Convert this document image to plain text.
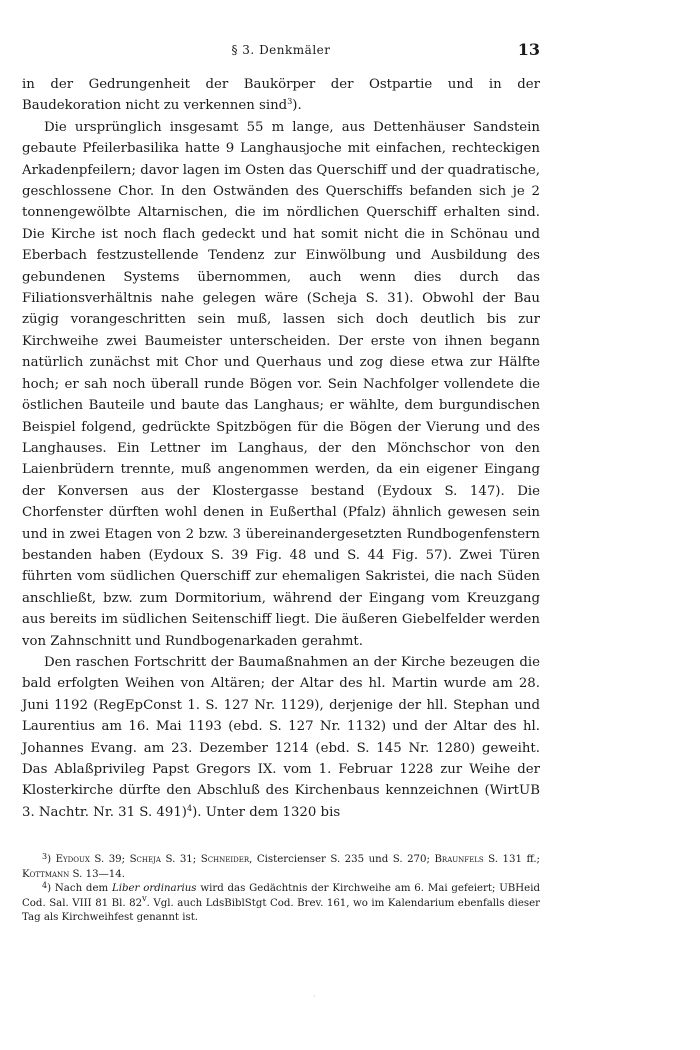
§ 3. Denkmäler	13

in der Gedrungenheit der Baukörper der Ostpartie und in der Baudekoration nicht zu verkennen sind$^3$).

Die ursprünglich insgesamt 55 m lange, aus Dettenhäuser Sandstein gebaute Pfeilerbasilika hatte 9 Langhausjoche mit einfachen, rechteckigen Arkadenpfeilern; davor lagen im Osten das Querschiff und der quadratische, geschlossene Chor. In den Ostwänden des Querschiffs befanden sich je 2 tonnengewölbte Altarnischen, die im nördlichen Querschiff erhalten sind. Die Kirche ist noch flach gedeckt und hat somit nicht die in Schönau und Eberbach festzustellende Tendenz zur Einwölbung und Ausbildung des gebundenen Systems übernommen, auch wenn dies durch das Filiationsverhältnis nahe gelegen wäre (Scheja S. 31). Obwohl der Bau zügig vorangeschritten sein muß, lassen sich doch deutlich bis zur Kirchweihe zwei Baumeister unterscheiden. Der erste von ihnen begann natürlich zunächst mit Chor und Querhaus und zog diese etwa zur Hälfte hoch; er sah noch überall runde Bögen vor. Sein Nachfolger vollendete die östlichen Bauteile und baute das Langhaus; er wählte, dem burgundischen Beispiel folgend, gedrückte Spitzbögen für die Bögen der Vierung und des Langhauses. Ein Lettner im Langhaus, der den Mönchschor von den Laienbrüdern trennte, muß angenommen werden, da ein eigener Eingang der Konversen aus der Klostergasse bestand (Eydoux S. 147). Die Chorfenster dürften wohl denen in Eußerthal (Pfalz) ähnlich gewesen sein und in zwei Etagen von 2 bzw. 3 übereinandergesetzten Rundbogenfenstern bestanden haben (Eydoux S. 39 Fig. 48 und S. 44 Fig. 57). Zwei Türen führten vom südlichen Querschiff zur ehemaligen Sakristei, die nach Süden anschließt, bzw. zum Dormitorium, während der Eingang vom Kreuzgang aus bereits im südlichen Seitenschiff liegt. Die äußeren Giebelfelder werden von Zahnschnitt und Rundbogenarkaden gerahmt.

Den raschen Fortschritt der Baumaßnahmen an der Kirche bezeugen die bald erfolgten Weihen von Altären; der Altar des hl. Martin wurde am 28. Juni 1192 (RegEpConst 1. S. 127 Nr. 1129), derjenige der hll. Stephan und Laurentius am 16. Mai 1193 (ebd. S. 127 Nr. 1132) und der Altar des hl. Johannes Evang. am 23. Dezember 1214 (ebd. S. 145 Nr. 1280) geweiht. Das Ablaßprivileg Papst Gregors IX. vom 1. Februar 1228 zur Weihe der Klosterkirche dürfte den Abschluß des Kirchenbaus kennzeichnen (WirtUB 3. Nachtr. Nr. 31 S. 491)$^4$). Unter dem 1320 bis

$^3$) Eydoux S. 39; Scheja S. 31; Schneider, Cistercienser S. 235 und S. 270; Braunfels S. 131 ff.; Kottmann S. 13—14.

$^4$) Nach dem Liber ordinarius wird das Gedächtnis der Kirchweihe am 6. Mai gefeiert; UBHeid Cod. Sal. VIII 81 Bl. 82$^v$. Vgl. auch LdsBiblStgt Cod. Brev. 161, wo im Kalendarium ebenfalls dieser Tag als Kirchweihfest genannt ist.

·
